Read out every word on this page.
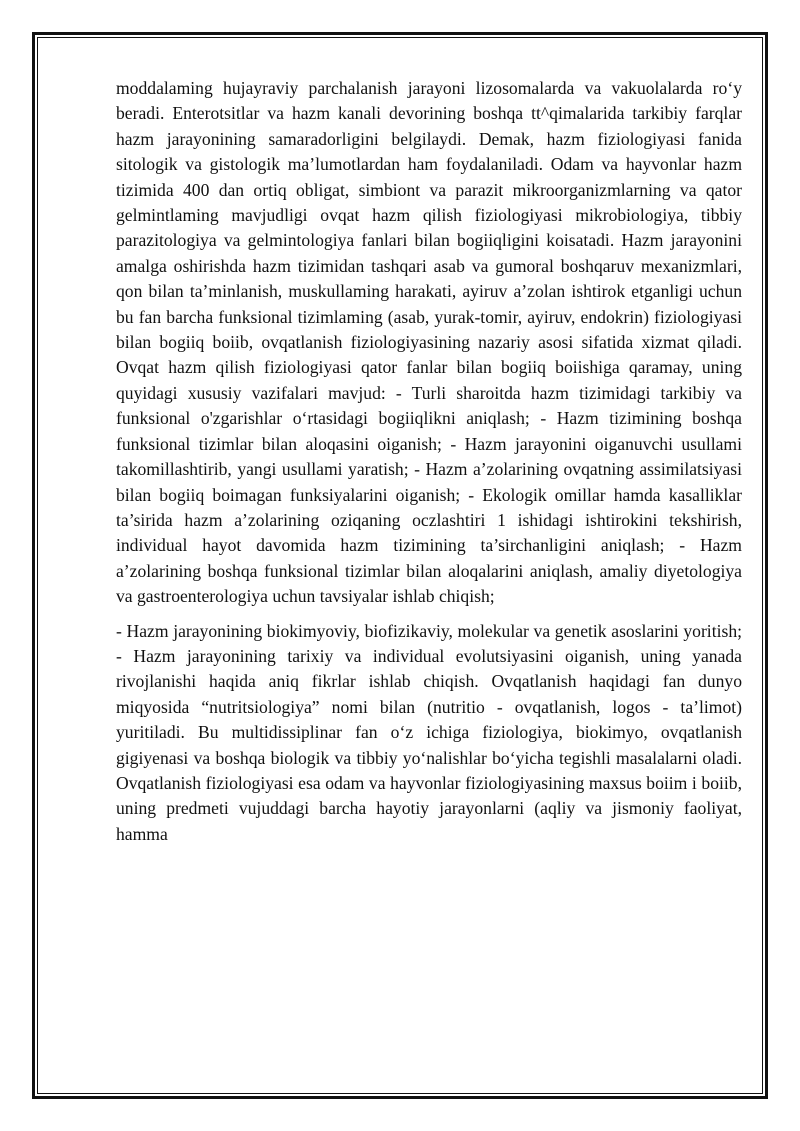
moddalaming hujayraviy parchalanish jarayoni lizosomalarda va vakuolalarda ro‘y beradi. Enterotsitlar va hazm kanali devorining boshqa tt^qimalarida tarkibiy farqlar hazm jarayonining samaradorligini belgilaydi. Demak, hazm fiziologiyasi fanida sitologik va gistologik ma’lumotlardan ham foydalaniladi. Odam va hayvonlar hazm tizimida 400 dan ortiq obligat, simbiont va parazit mikroorganizmlarning va qator gelmintlaming mavjudligi ovqat hazm qilish fiziologiyasi mikrobiologiya, tibbiy parazitologiya va gelmintologiya fanlari bilan bogiiqligini koisatadi. Hazm jarayonini amalga oshirishda hazm tizimidan tashqari asab va gumoral boshqaruv mexanizmlari, qon bilan ta’minlanish, muskullaming harakati, ayiruv a’zolan ishtirok etganligi uchun bu fan barcha funksional tizimlaming (asab, yurak-tomir, ayiruv, endokrin) fiziologiyasi bilan bogiiq boiib, ovqatlanish fiziologiyasining nazariy asosi sifatida xizmat qiladi. Ovqat hazm qilish fiziologiyasi qator fanlar bilan bogiiq boiishiga qaramay, uning quyidagi xususiy vazifalari mavjud: - Turli sharoitda hazm tizimidagi tarkibiy va funksional o'zgarishlar o‘rtasidagi bogiiqlikni aniqlash; - Hazm tizimining boshqa funksional tizimlar bilan aloqasini oiganish; - Hazm jarayonini oiganuvchi usullami takomillashtirib, yangi usullami yaratish; - Hazm a’zolarining ovqatning assimilatsiyasi bilan bogiiq boimagan funksiyalarini oiganish; - Ekologik omillar hamda kasalliklar ta’sirida hazm a’zolarining oziqaning oczlashtiri 1 ishidagi ishtirokini tekshirish, individual hayot davomida hazm tizimining ta’sirchanligini aniqlash; - Hazm a’zolarining boshqa funksional tizimlar bilan aloqalarini aniqlash, amaliy diyetologiya va gastroenterologiya uchun tavsiyalar ishlab chiqish;

- Hazm jarayonining biokimyoviy, biofizikaviy, molekular va genetik asoslarini yoritish; - Hazm jarayonining tarixiy va individual evolutsiyasini oiganish, uning yanada rivojlanishi haqida aniq fikrlar ishlab chiqish. Ovqatlanish haqidagi fan dunyo miqyosida “nutritsiologiya” nomi bilan (nutritio - ovqatlanish, logos - ta’limot) yuritiladi. Bu multidissiplinar fan o‘z ichiga fiziologiya, biokimyo, ovqatlanish gigiyenasi va boshqa biologik va tibbiy yo‘nalishlar bo‘yicha tegishli masalalarni oladi. Ovqatlanish fiziologiyasi esa odam va hayvonlar fiziologiyasining maxsus boiim i boiib, uning predmeti vujuddagi barcha hayotiy jarayonlarni (aqliy va jismoniy faoliyat, hamma
